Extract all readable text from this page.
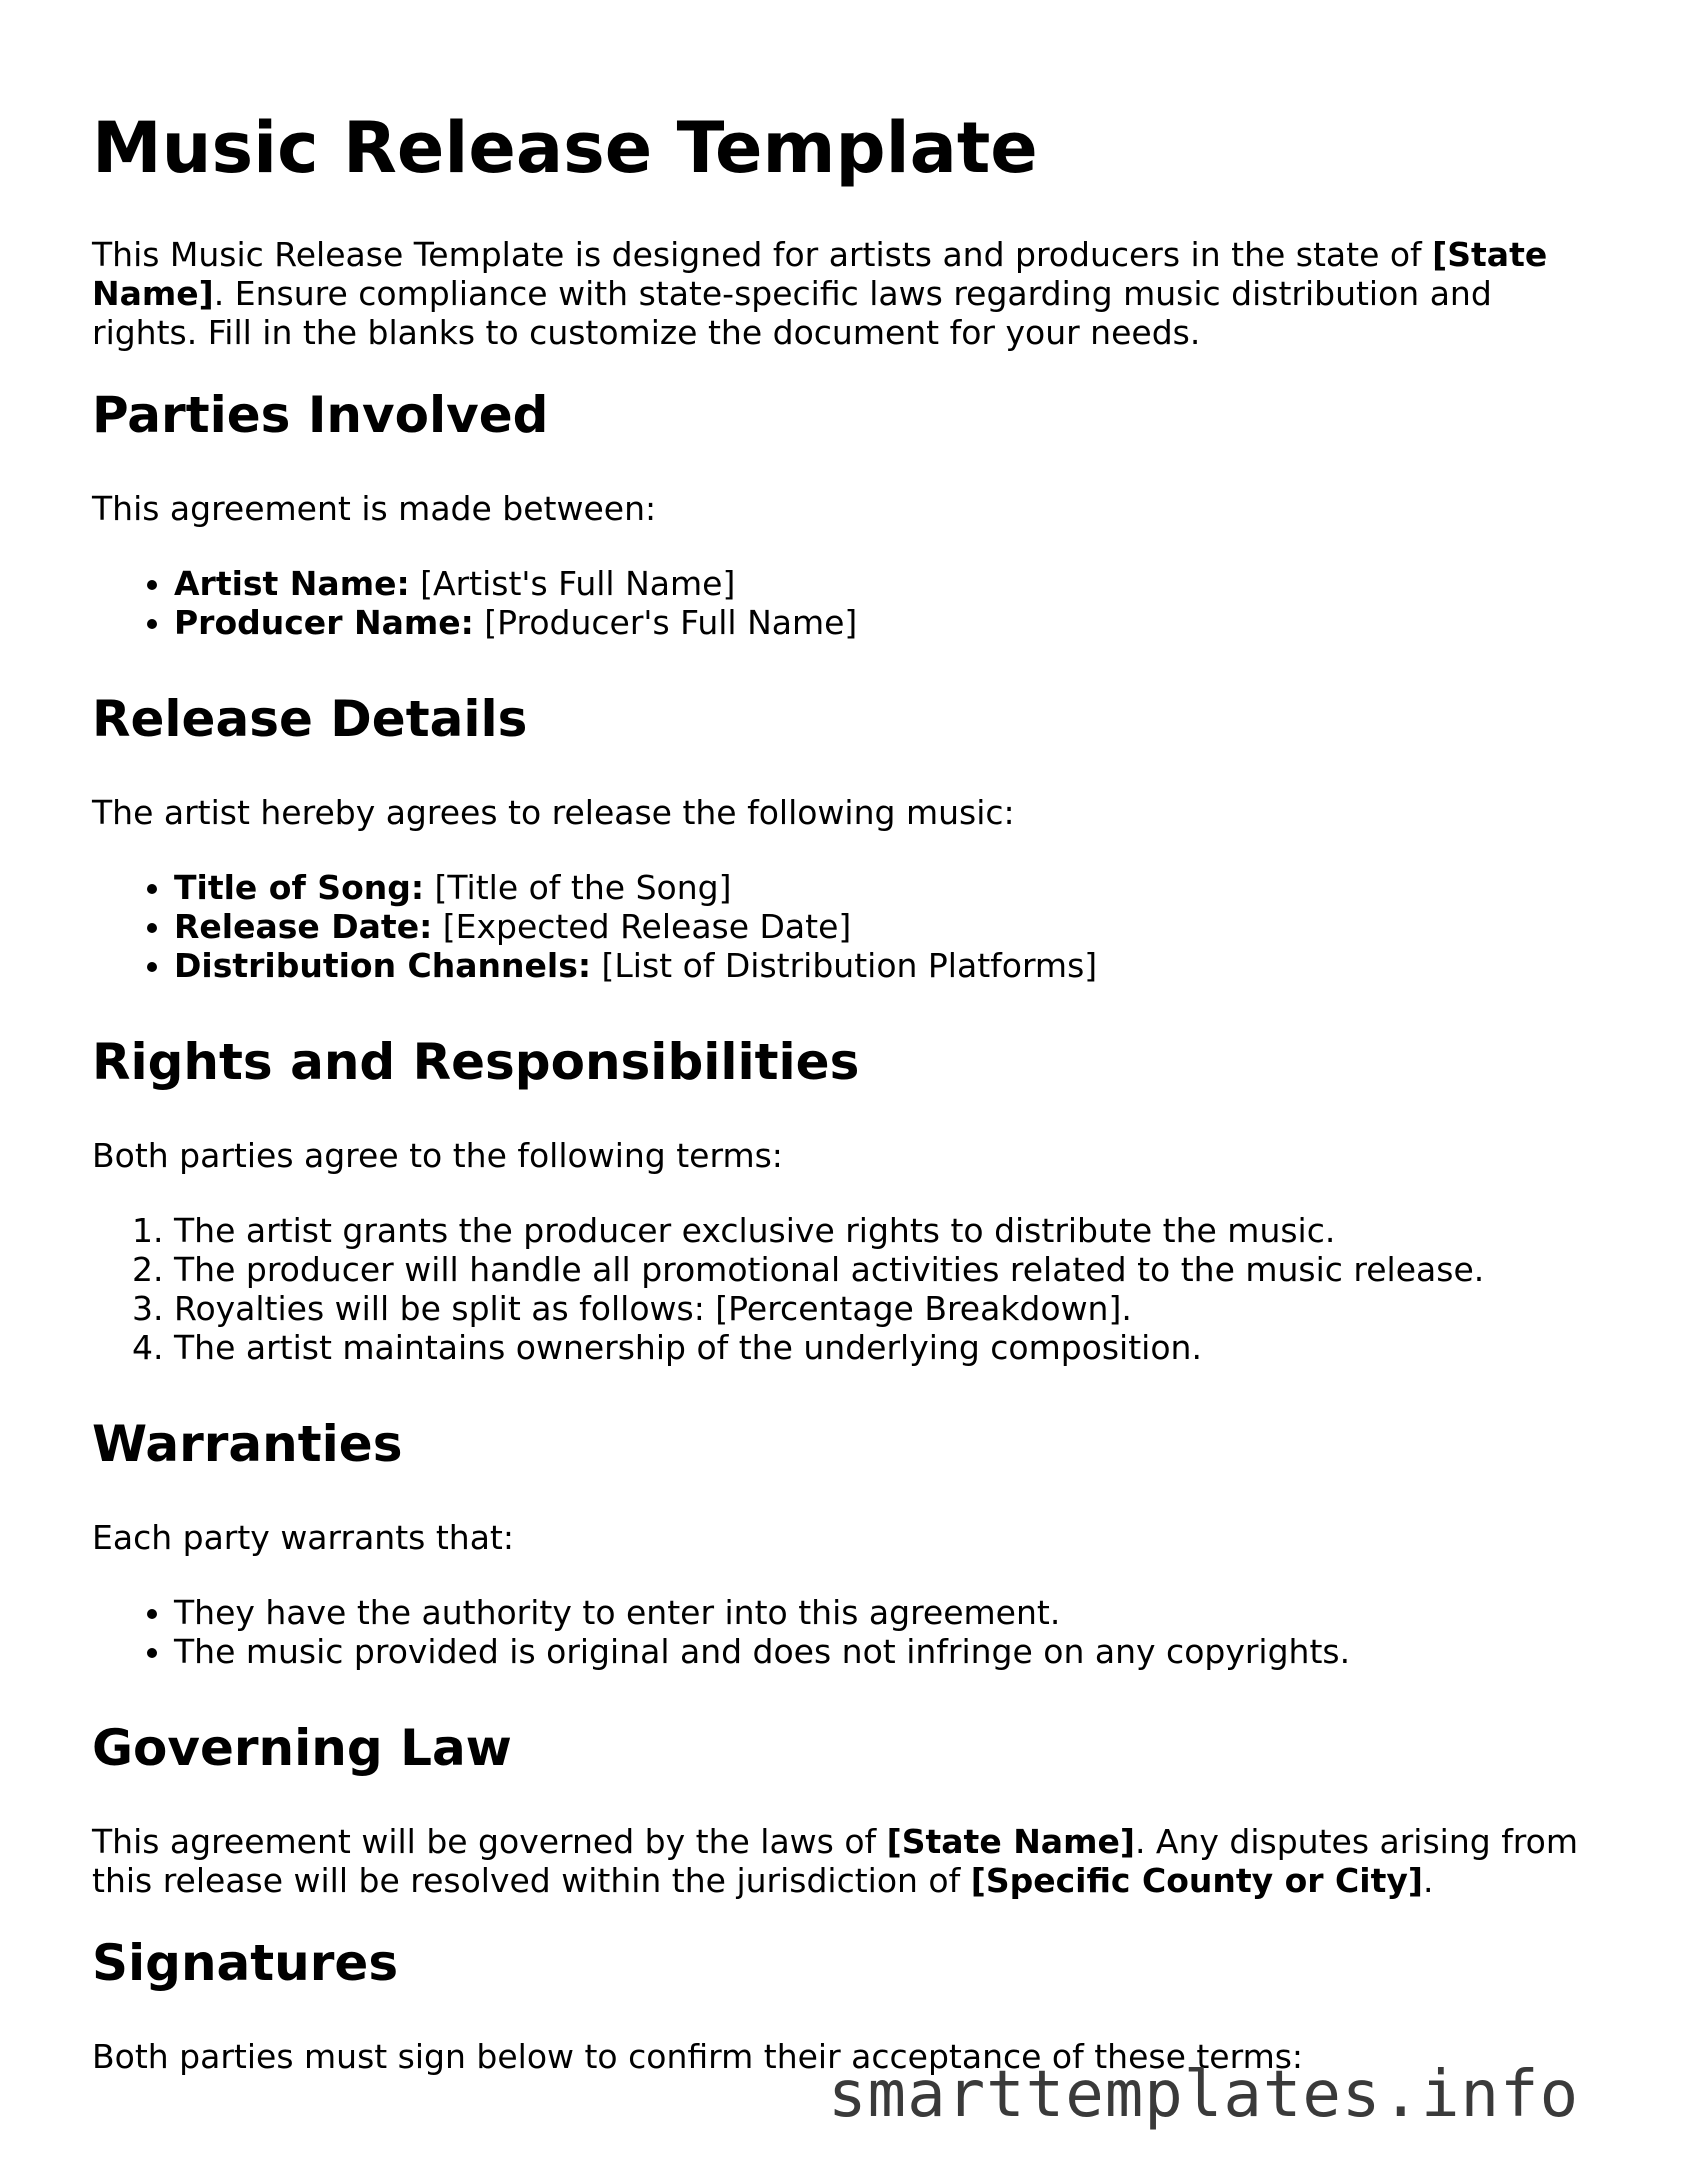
Music Release Template

This Music Release Template is designed for artists and producers in the state of [State Name]. Ensure compliance with state-specific laws regarding music distribution and rights. Fill in the blanks to customize the document for your needs.

Parties Involved

This agreement is made between:

• Artist Name: [Artist's Full Name]
• Producer Name: [Producer's Full Name]
Release Details

The artist hereby agrees to release the following music:

• Title of Song: [Title of the Song]
• Release Date: [Expected Release Date]
• Distribution Channels: [List of Distribution Platforms]
Rights and Responsibilities

Both parties agree to the following terms:

1. The artist grants the producer exclusive rights to distribute the music.
2. The producer will handle all promotional activities related to the music release.
3. Royalties will be split as follows: [Percentage Breakdown].
4. The artist maintains ownership of the underlying composition.
Warranties

Each party warrants that:

• They have the authority to enter into this agreement.
• The music provided is original and does not infringe on any copyrights.
Governing Law

This agreement will be governed by the laws of [State Name]. Any disputes arising from this release will be resolved within the jurisdiction of [Specific County or City].

Signatures

Both parties must sign below to confirm their acceptance of these terms:

smarttemplates.info
